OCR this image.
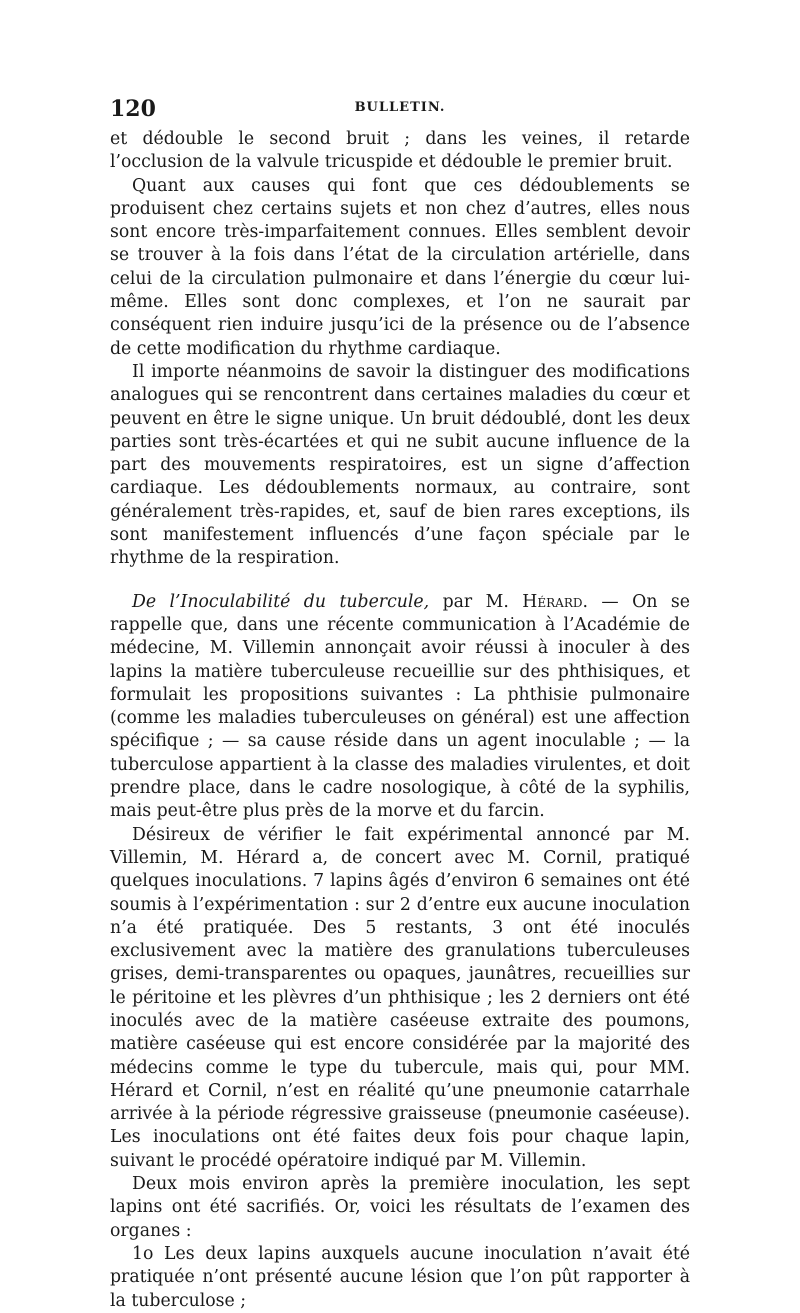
120	BULLETIN.

et dédouble le second bruit ; dans les veines, il retarde l’occlusion de la valvule tricuspide et dédouble le premier bruit.

Quant aux causes qui font que ces dédoublements se produisent chez certains sujets et non chez d’autres, elles nous sont encore très-imparfaitement connues. Elles semblent devoir se trouver à la fois dans l’état de la circulation artérielle, dans celui de la circulation pulmonaire et dans l’énergie du cœur lui-même. Elles sont donc complexes, et l’on ne saurait par conséquent rien induire jusqu’ici de la présence ou de l’absence de cette modification du rhythme cardiaque.

Il importe néanmoins de savoir la distinguer des modifications analogues qui se rencontrent dans certaines maladies du cœur et peuvent en être le signe unique. Un bruit dédoublé, dont les deux parties sont très-écartées et qui ne subit aucune influence de la part des mouvements respiratoires, est un signe d’affection cardiaque. Les dédoublements normaux, au contraire, sont généralement très-rapides, et, sauf de bien rares exceptions, ils sont manifestement influencés d’une façon spéciale par le rhythme de la respiration.

De l’Inoculabilité du tubercule, par M. Hérard. — On se rappelle que, dans une récente communication à l’Académie de médecine, M. Villemin annonçait avoir réussi à inoculer à des lapins la matière tuberculeuse recueillie sur des phthisiques, et formulait les propositions suivantes : La phthisie pulmonaire (comme les maladies tuberculeuses on général) est une affection spécifique ; — sa cause réside dans un agent inoculable ; — la tuberculose appartient à la classe des maladies virulentes, et doit prendre place, dans le cadre nosologique, à côté de la syphilis, mais peut-être plus près de la morve et du farcin.

Désireux de vérifier le fait expérimental annoncé par M. Villemin, M. Hérard a, de concert avec M. Cornil, pratiqué quelques inoculations. 7 lapins âgés d’environ 6 semaines ont été soumis à l’expérimentation : sur 2 d’entre eux aucune inoculation n’a été pratiquée. Des 5 restants, 3 ont été inoculés exclusivement avec la matière des granulations tuberculeuses grises, demi-transparentes ou opaques, jaunâtres, recueillies sur le péritoine et les plèvres d’un phthisique ; les 2 derniers ont été inoculés avec de la matière caséeuse extraite des poumons, matière caséeuse qui est encore considérée par la majorité des médecins comme le type du tubercule, mais qui, pour MM. Hérard et Cornil, n’est en réalité qu’une pneumonie catarrhale arrivée à la période régressive graisseuse (pneumonie caséeuse). Les inoculations ont été faites deux fois pour chaque lapin, suivant le procédé opératoire indiqué par M. Villemin.

Deux mois environ après la première inoculation, les sept lapins ont été sacrifiés. Or, voici les résultats de l’examen des organes :

1o Les deux lapins auxquels aucune inoculation n’avait été pratiquée n’ont présenté aucune lésion que l’on pût rapporter à la tuberculose ;
